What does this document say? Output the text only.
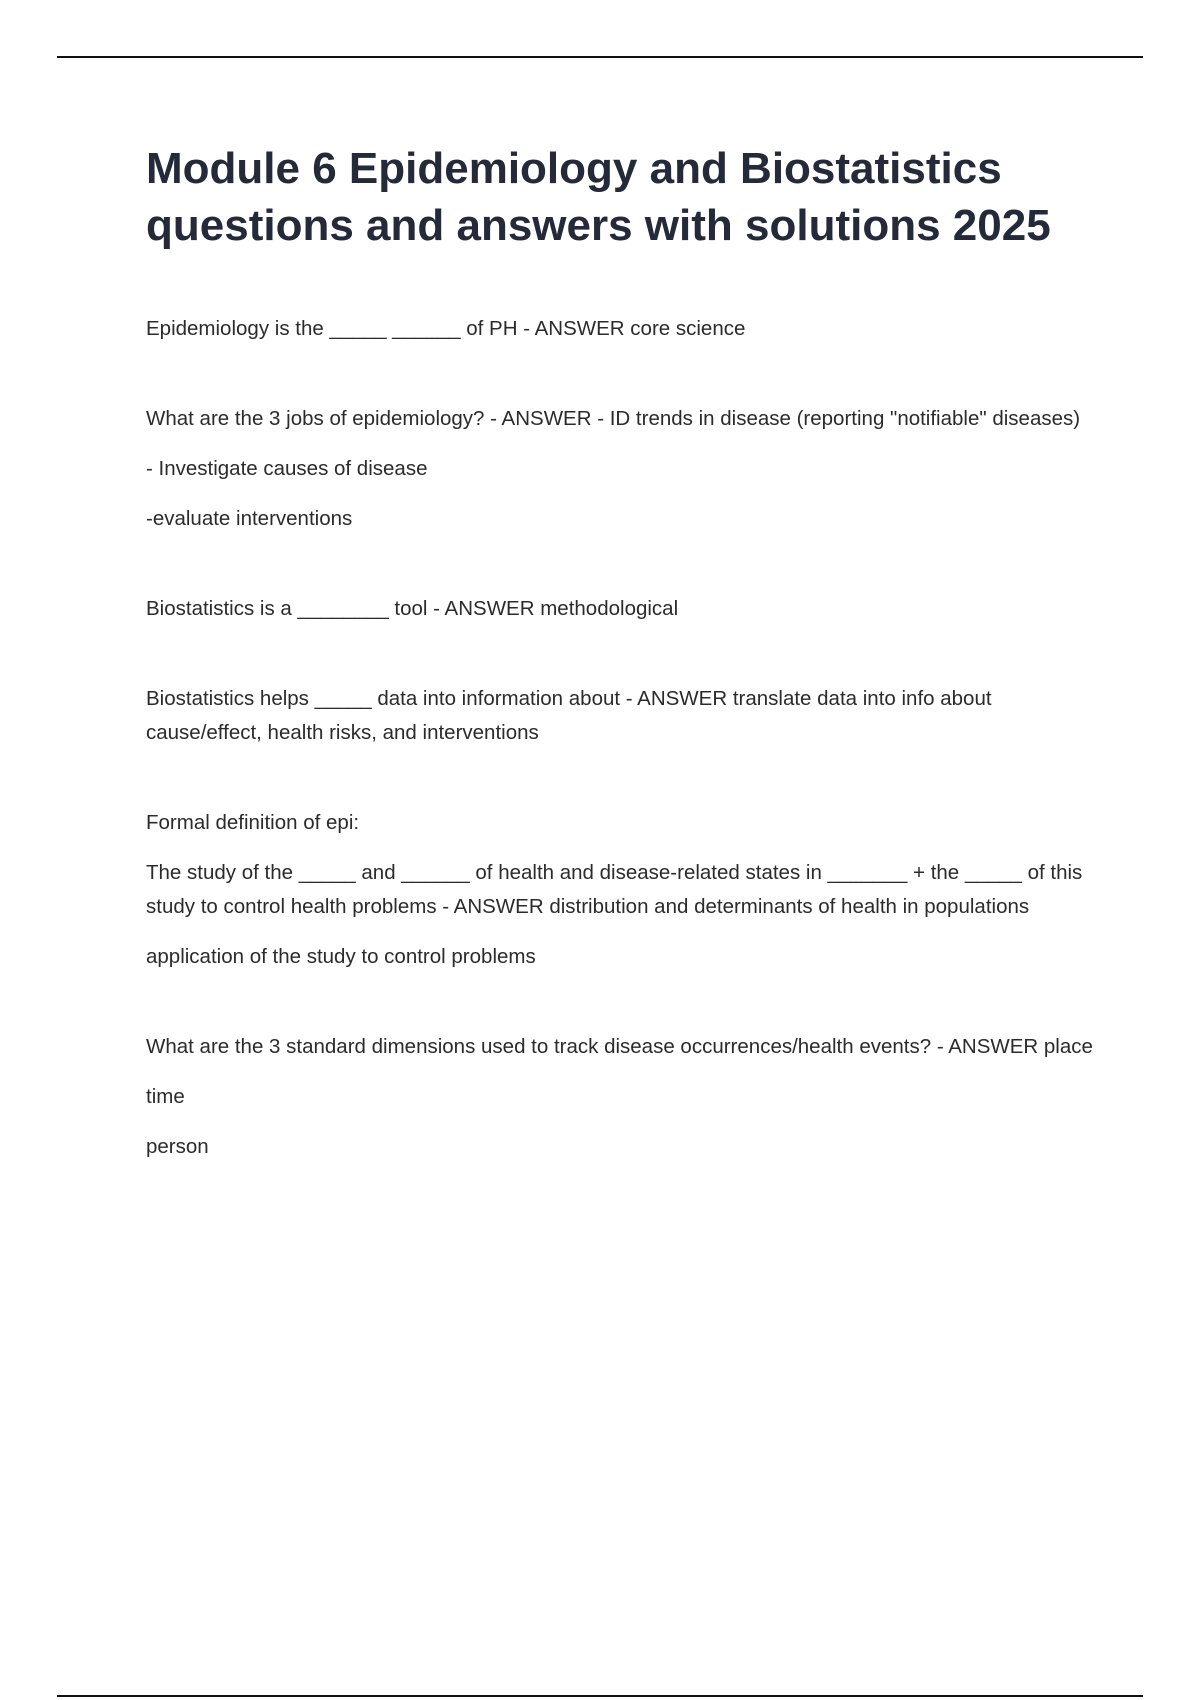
Module 6 Epidemiology and Biostatistics questions and answers with solutions 2025

Epidemiology is the _____ ______ of PH - ANSWER core science

What are the 3 jobs of epidemiology? - ANSWER - ID trends in disease (reporting "notifiable" diseases)

- Investigate causes of disease

-evaluate interventions

Biostatistics is a ________ tool - ANSWER methodological

Biostatistics helps _____ data into information about - ANSWER translate data into info about cause/effect, health risks, and interventions

Formal definition of epi:

The study of the _____ and ______ of health and disease-related states in _______ + the _____ of this study to control health problems - ANSWER distribution and determinants of health in populations

application of the study to control problems

What are the 3 standard dimensions used to track disease occurrences/health events? - ANSWER place

time

person
